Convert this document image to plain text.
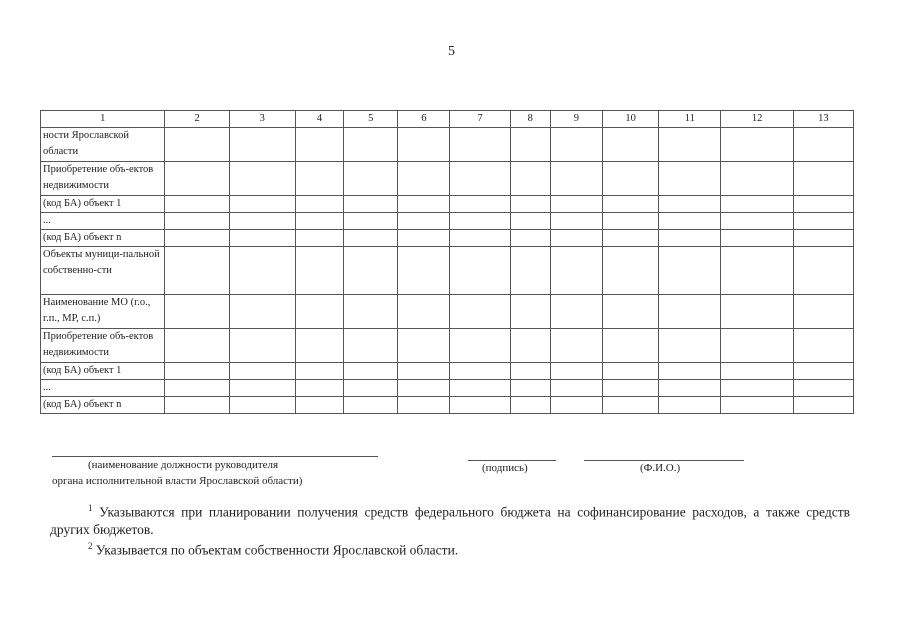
5
1	2	3	4	5	6	7	8	9	10	11	12	13
ности Ярославской области												
Приобретение объ-ектов недвижимости												
(код БА) объект 1												
...												
(код БА) объект n												
Объекты муници-пальной собственно-сти												
Наименование МО (г.о., г.п., МР, с.п.)												
Приобретение объ-ектов недвижимости												
(код БА) объект 1												
...												
(код БА) объект n												
(наименование должности руководителя
органа исполнительной власти Ярославской области)
(подпись)	(Ф.И.О.)

$^1$ Указываются при планировании получения средств федерального бюджета на софинансирование расходов, а также средств других бюджетов.

$^2$ Указывается по объектам собственности Ярославской области.
